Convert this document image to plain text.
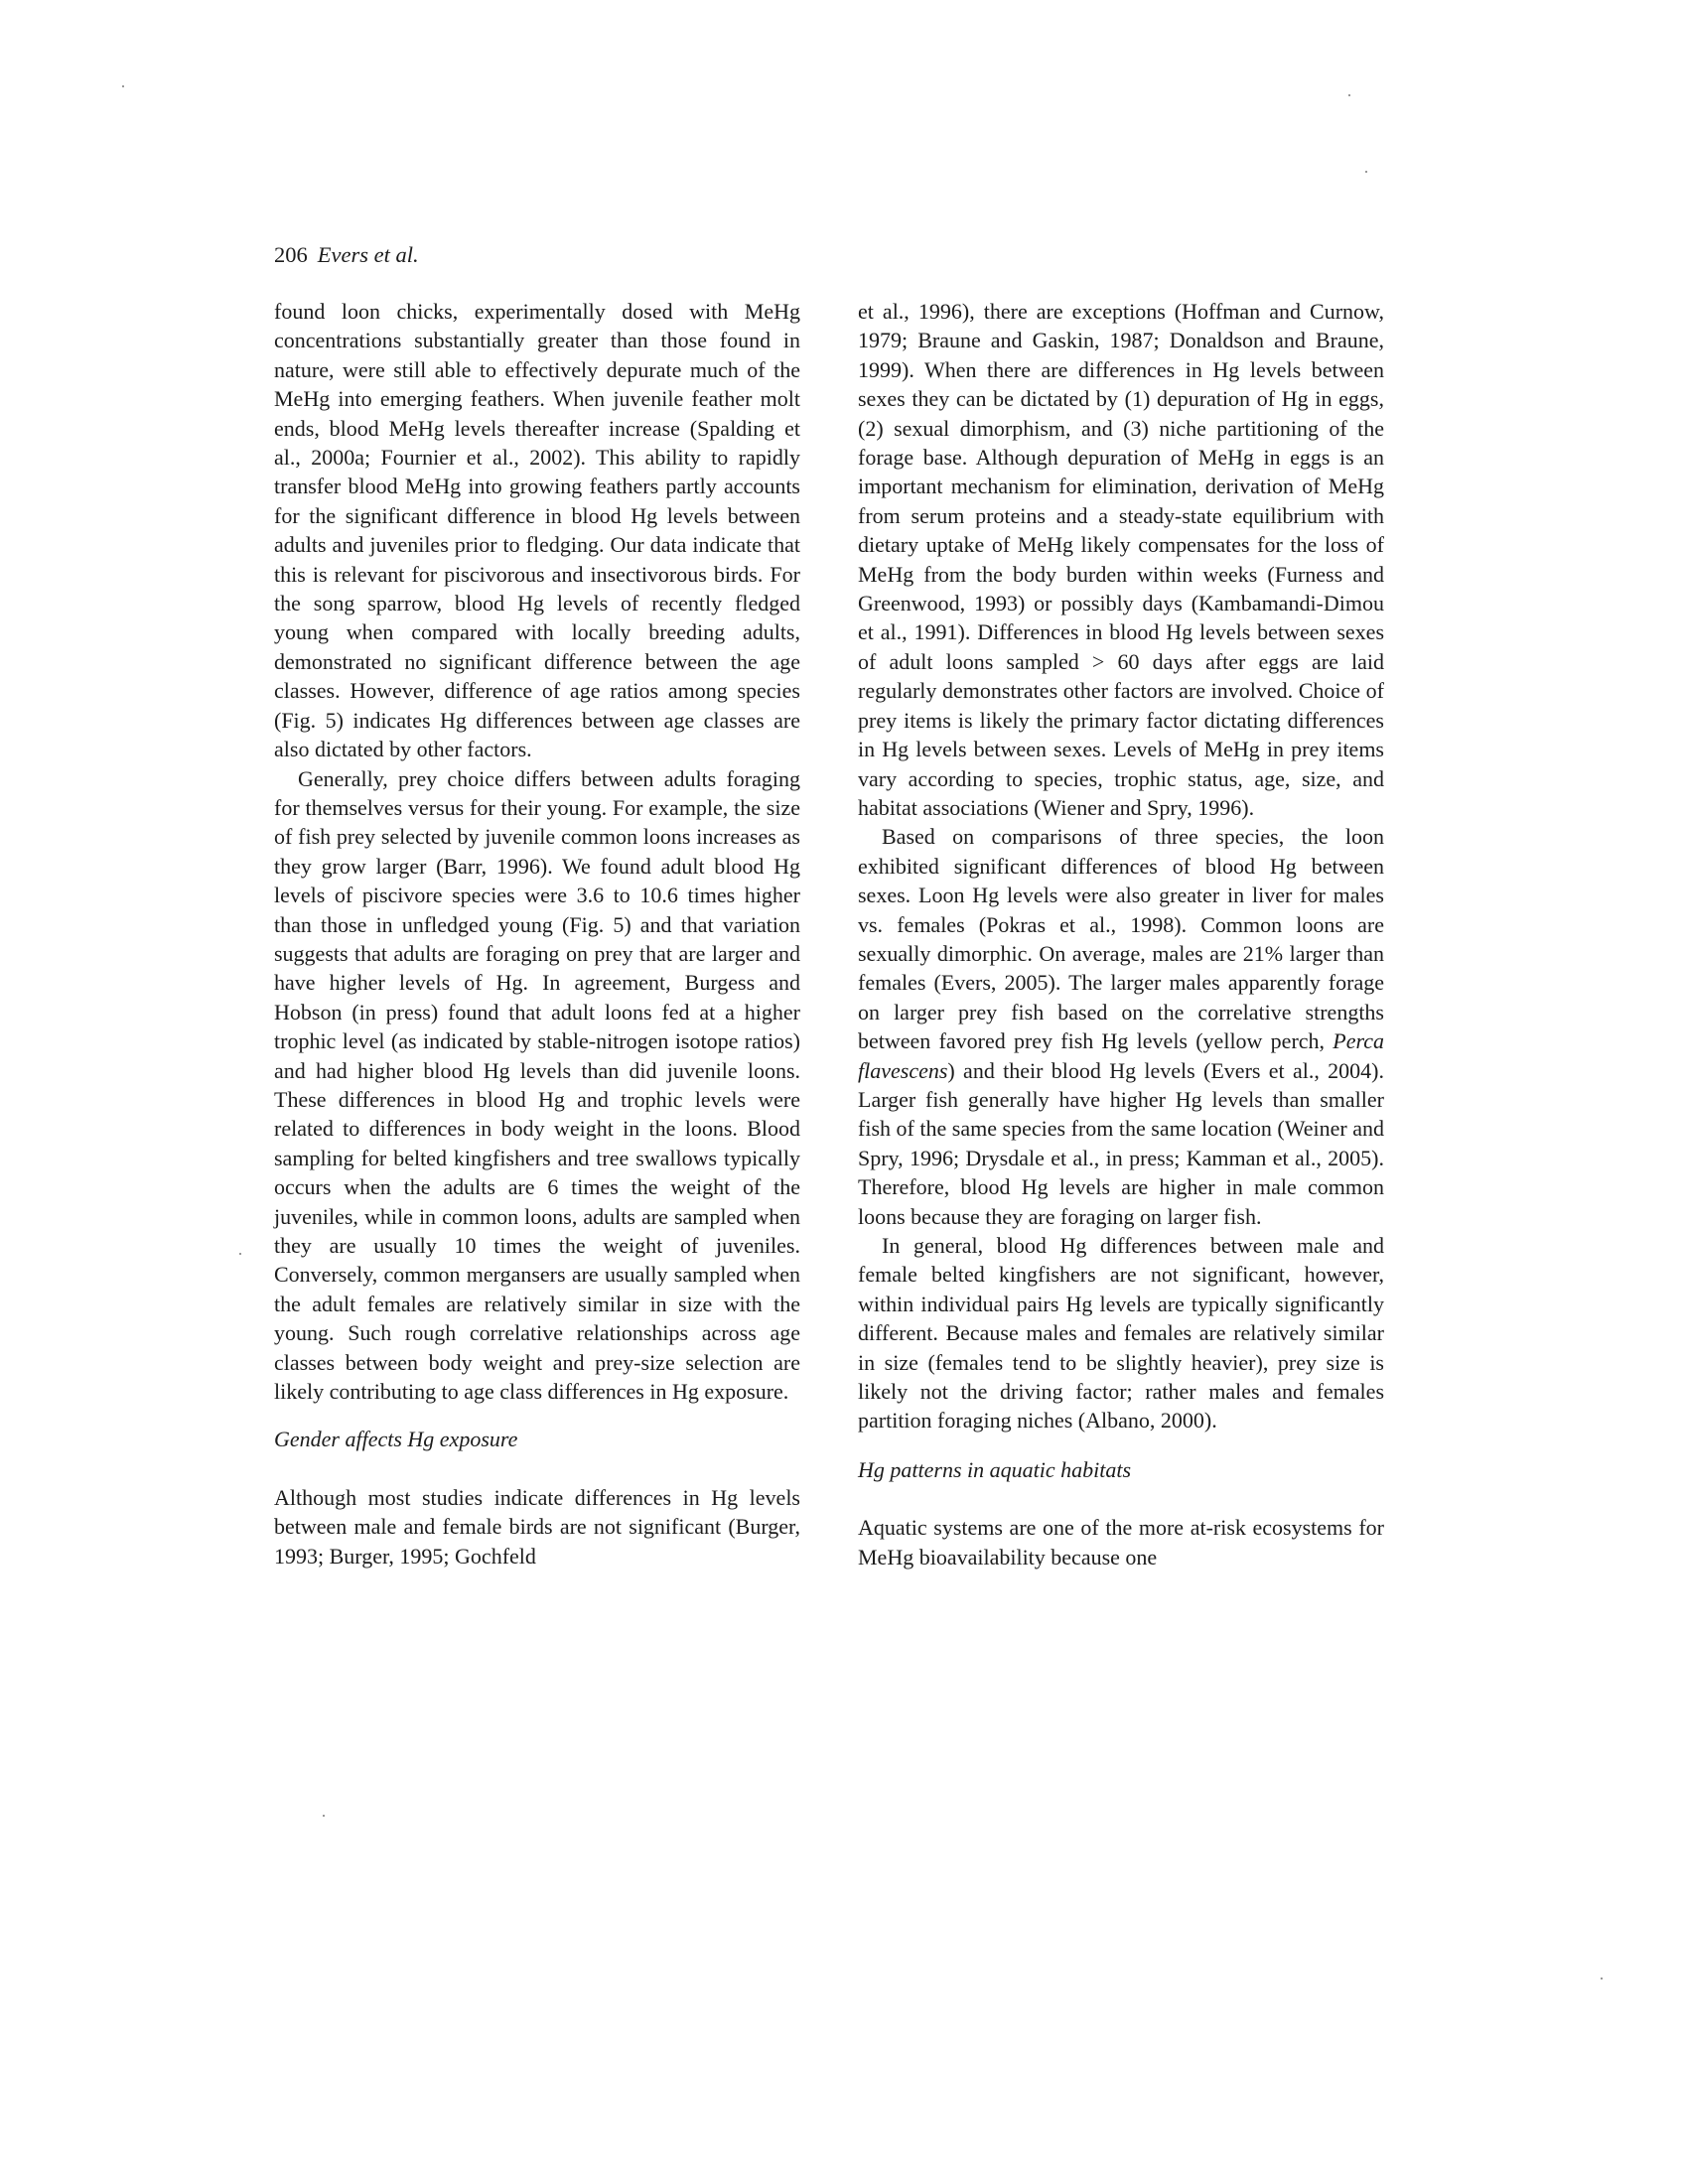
206 Evers et al.

found loon chicks, experimentally dosed with MeHg concentrations substantially greater than those found in nature, were still able to effectively depurate much of the MeHg into emerging feathers. When juvenile feather molt ends, blood MeHg levels thereafter increase (Spalding et al., 2000a; Fournier et al., 2002). This ability to rapidly transfer blood MeHg into growing feathers partly accounts for the significant difference in blood Hg levels between adults and juveniles prior to fledging. Our data indicate that this is relevant for piscivorous and insectivorous birds. For the song sparrow, blood Hg levels of recently fledged young when compared with locally breeding adults, demonstrated no significant difference between the age classes. However, difference of age ratios among species (Fig. 5) indicates Hg differences between age classes are also dictated by other factors.

Generally, prey choice differs between adults foraging for themselves versus for their young. For example, the size of fish prey selected by juvenile common loons increases as they grow larger (Barr, 1996). We found adult blood Hg levels of piscivore species were 3.6 to 10.6 times higher than those in unfledged young (Fig. 5) and that variation suggests that adults are foraging on prey that are larger and have higher levels of Hg. In agreement, Burgess and Hobson (in press) found that adult loons fed at a higher trophic level (as indicated by stable-nitrogen isotope ratios) and had higher blood Hg levels than did juvenile loons. These differences in blood Hg and trophic levels were related to differences in body weight in the loons. Blood sampling for belted kingfishers and tree swallows typically occurs when the adults are 6 times the weight of the juveniles, while in common loons, adults are sampled when they are usually 10 times the weight of juveniles. Conversely, common mergansers are usually sampled when the adult females are relatively similar in size with the young. Such rough correlative relationships across age classes between body weight and prey-size selection are likely contributing to age class differences in Hg exposure.

Gender affects Hg exposure

Although most studies indicate differences in Hg levels between male and female birds are not significant (Burger, 1993; Burger, 1995; Gochfeld

et al., 1996), there are exceptions (Hoffman and Curnow, 1979; Braune and Gaskin, 1987; Donaldson and Braune, 1999). When there are differences in Hg levels between sexes they can be dictated by (1) depuration of Hg in eggs, (2) sexual dimorphism, and (3) niche partitioning of the forage base. Although depuration of MeHg in eggs is an important mechanism for elimination, derivation of MeHg from serum proteins and a steady-state equilibrium with dietary uptake of MeHg likely compensates for the loss of MeHg from the body burden within weeks (Furness and Greenwood, 1993) or possibly days (Kambamandi-Dimou et al., 1991). Differences in blood Hg levels between sexes of adult loons sampled > 60 days after eggs are laid regularly demonstrates other factors are involved. Choice of prey items is likely the primary factor dictating differences in Hg levels between sexes. Levels of MeHg in prey items vary according to species, trophic status, age, size, and habitat associations (Wiener and Spry, 1996).

Based on comparisons of three species, the loon exhibited significant differences of blood Hg between sexes. Loon Hg levels were also greater in liver for males vs. females (Pokras et al., 1998). Common loons are sexually dimorphic. On average, males are 21% larger than females (Evers, 2005). The larger males apparently forage on larger prey fish based on the correlative strengths between favored prey fish Hg levels (yellow perch, Perca flavescens) and their blood Hg levels (Evers et al., 2004). Larger fish generally have higher Hg levels than smaller fish of the same species from the same location (Weiner and Spry, 1996; Drysdale et al., in press; Kamman et al., 2005). Therefore, blood Hg levels are higher in male common loons because they are foraging on larger fish.

In general, blood Hg differences between male and female belted kingfishers are not significant, however, within individual pairs Hg levels are typically significantly different. Because males and females are relatively similar in size (females tend to be slightly heavier), prey size is likely not the driving factor; rather males and females partition foraging niches (Albano, 2000).

Hg patterns in aquatic habitats

Aquatic systems are one of the more at-risk ecosystems for MeHg bioavailability because one
